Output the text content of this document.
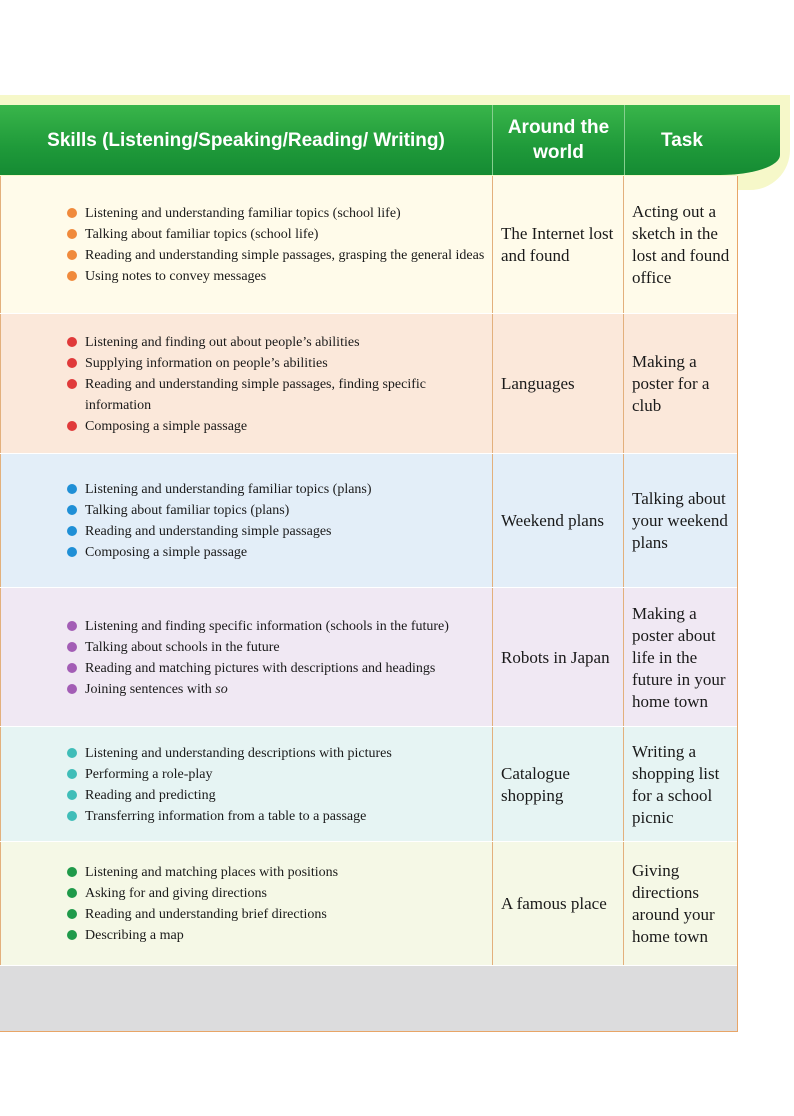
Skills (Listening/Speaking/Reading/ Writing)
Around the world
Task
Listening and understanding familiar topics (school life)
Talking about familiar topics (school life)
Reading and understanding simple passages, grasping the general ideas
Using notes to convey messages
The Internet lost and found
Acting out a sketch in the lost and found office
Listening and finding out about people’s abilities
Supplying information on people’s abilities
Reading and understanding simple passages, finding specific information
Composing a simple passage
Languages
Making a poster for a club
Listening and understanding familiar topics (plans)
Talking about familiar topics (plans)
Reading and understanding simple passages
Composing a simple passage
Weekend plans
Talking about your weekend plans
Listening and finding specific information (schools in the future)
Talking about schools in the future
Reading and matching pictures with descriptions and headings
Joining sentences with so
Robots in Japan
Making a poster about life in the future in your home town
Listening and understanding descriptions with pictures
Performing a role-play
Reading and predicting
Transferring information from a table to a passage
Catalogue shopping
Writing a shopping list for a school picnic
Listening and matching places with positions
Asking for and giving directions
Reading and understanding brief directions
Describing a map
A famous place
Giving directions around your home town
